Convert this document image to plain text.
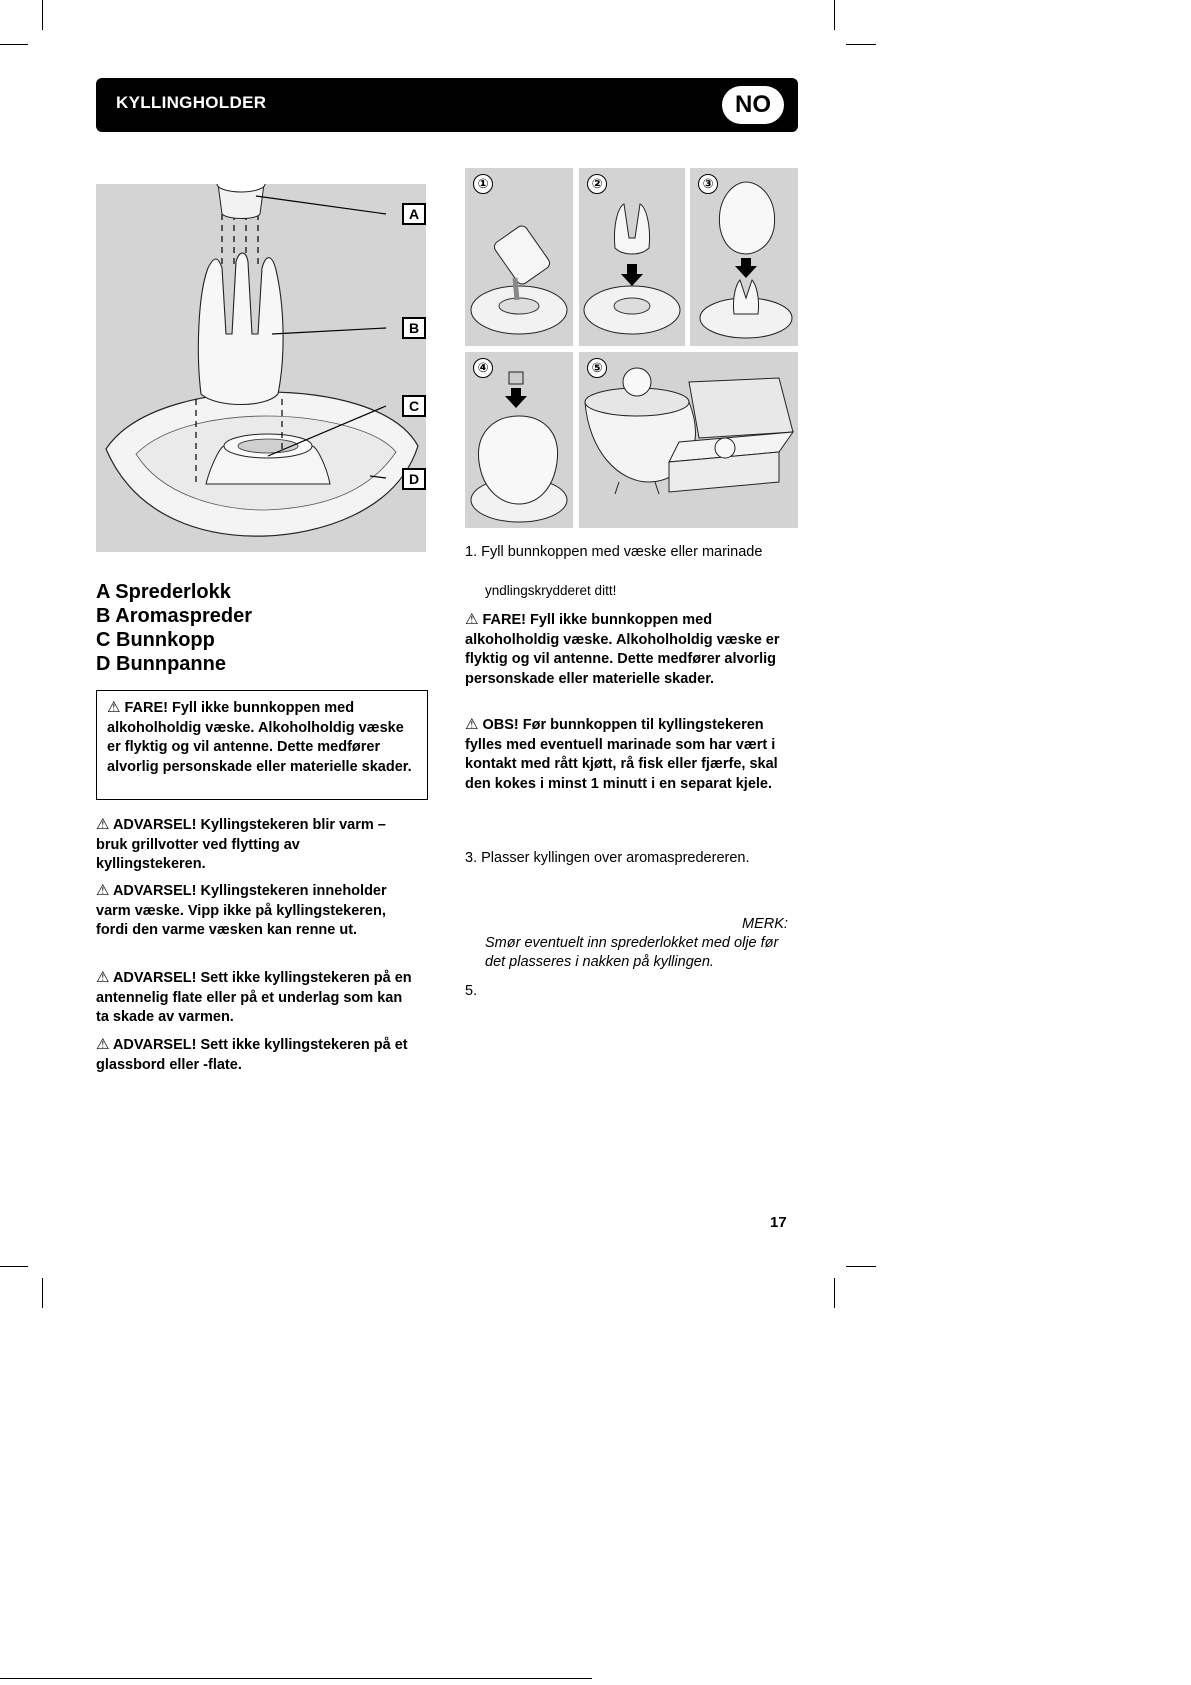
KYLLINGHOLDER	NO
A
B
C
D
①	②	③
④	⑤
A Sprederlokk
B Aromaspreder
C Bunnkopp
D Bunnpanne
⚠ FARE! Fyll ikke bunnkoppen med alkoholholdig væske. Alkoholholdig væske er flyktig og vil antenne. Dette medfører alvorlig personskade eller materielle skader.
⚠ ADVARSEL! Kyllingstekeren blir varm – bruk grillvotter ved flytting av kyllingstekeren.
⚠ ADVARSEL! Kyllingstekeren inneholder varm væske. Vipp ikke på kyllingstekeren, fordi den varme væsken kan renne ut.
⚠ ADVARSEL! Sett ikke kyllingstekeren på en antennelig flate eller på et underlag som kan ta skade av varmen.
⚠ ADVARSEL! Sett ikke kyllingstekeren på et glassbord eller -flate.
1. Fyll bunnkoppen med væske eller marinade
yndlingskrydderet ditt!
⚠ FARE! Fyll ikke bunnkoppen med alkoholholdig væske. Alkoholholdig væske er flyktig og vil antenne. Dette medfører alvorlig personskade eller materielle skader.
⚠ OBS! Før bunnkoppen til kyllingstekeren fylles med eventuell marinade som har vært i kontakt med rått kjøtt, rå fisk eller fjærfe, skal den kokes i minst 1 minutt i en separat kjele.
3. Plasser kyllingen over aromaspredereren.
MERK:
Smør eventuelt inn sprederlokket med olje før det plasseres i nakken på kyllingen.
5.
17
